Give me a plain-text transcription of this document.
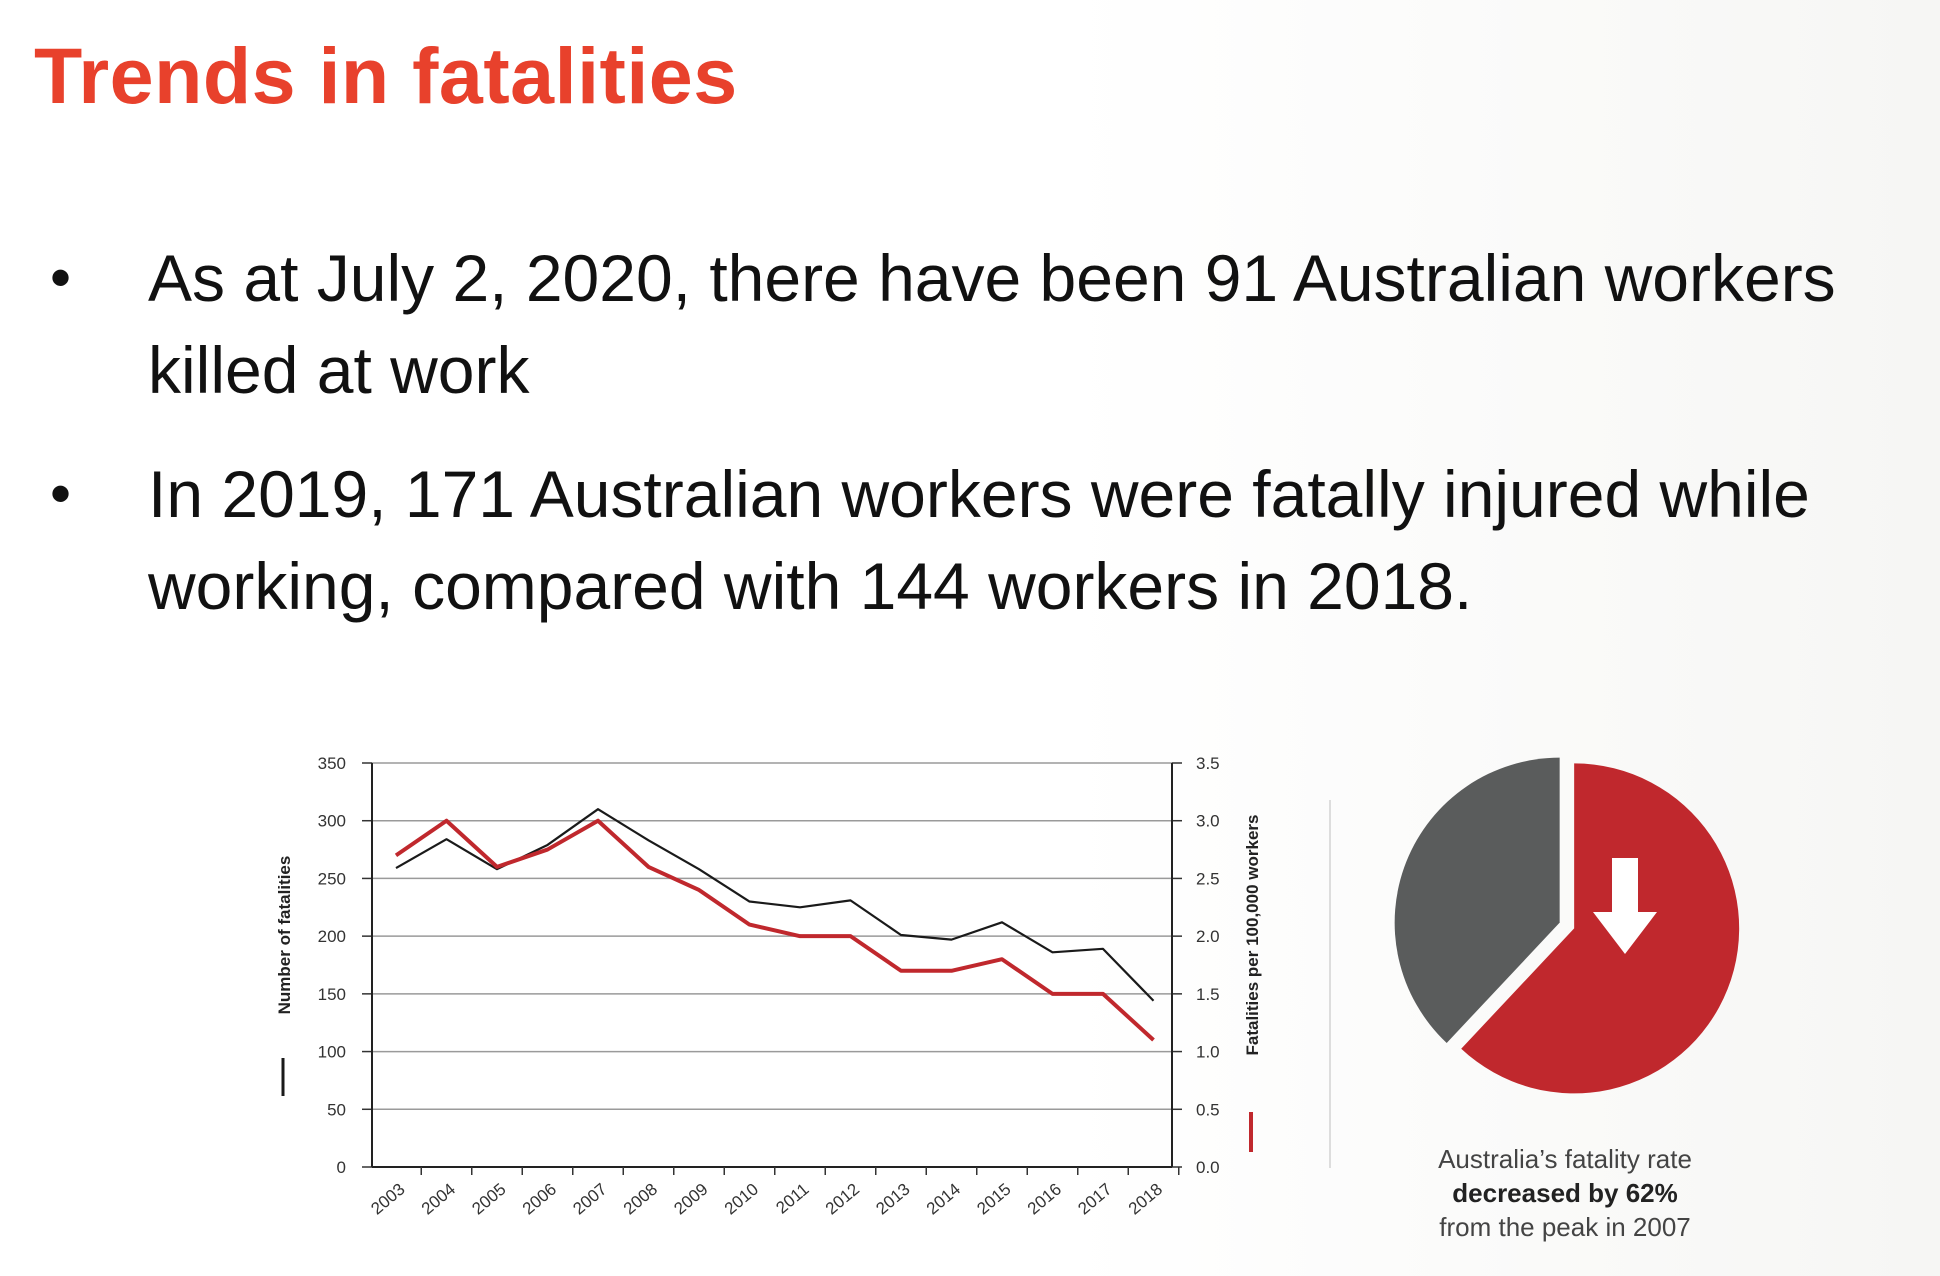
Trends in fatalities
• As at July 2, 2020, there have been 91 Australian workers killed at work
• In 2019, 171 Australian workers were fatally injured while working, compared with 144 workers in 2018.
0
50
100
150
200
250
300
350
0.0
0.5
1.0
1.5
2.0
2.5
3.0
3.5
2003 2004 2005 2006 2007 2008 2009 2010 2011 2012 2013 2014 2015 2016 2017 2018
Number of fatalities	Fatalities per 100,000 workers
Australia’s fatality rate
decreased by 62%
from the peak in 2007
